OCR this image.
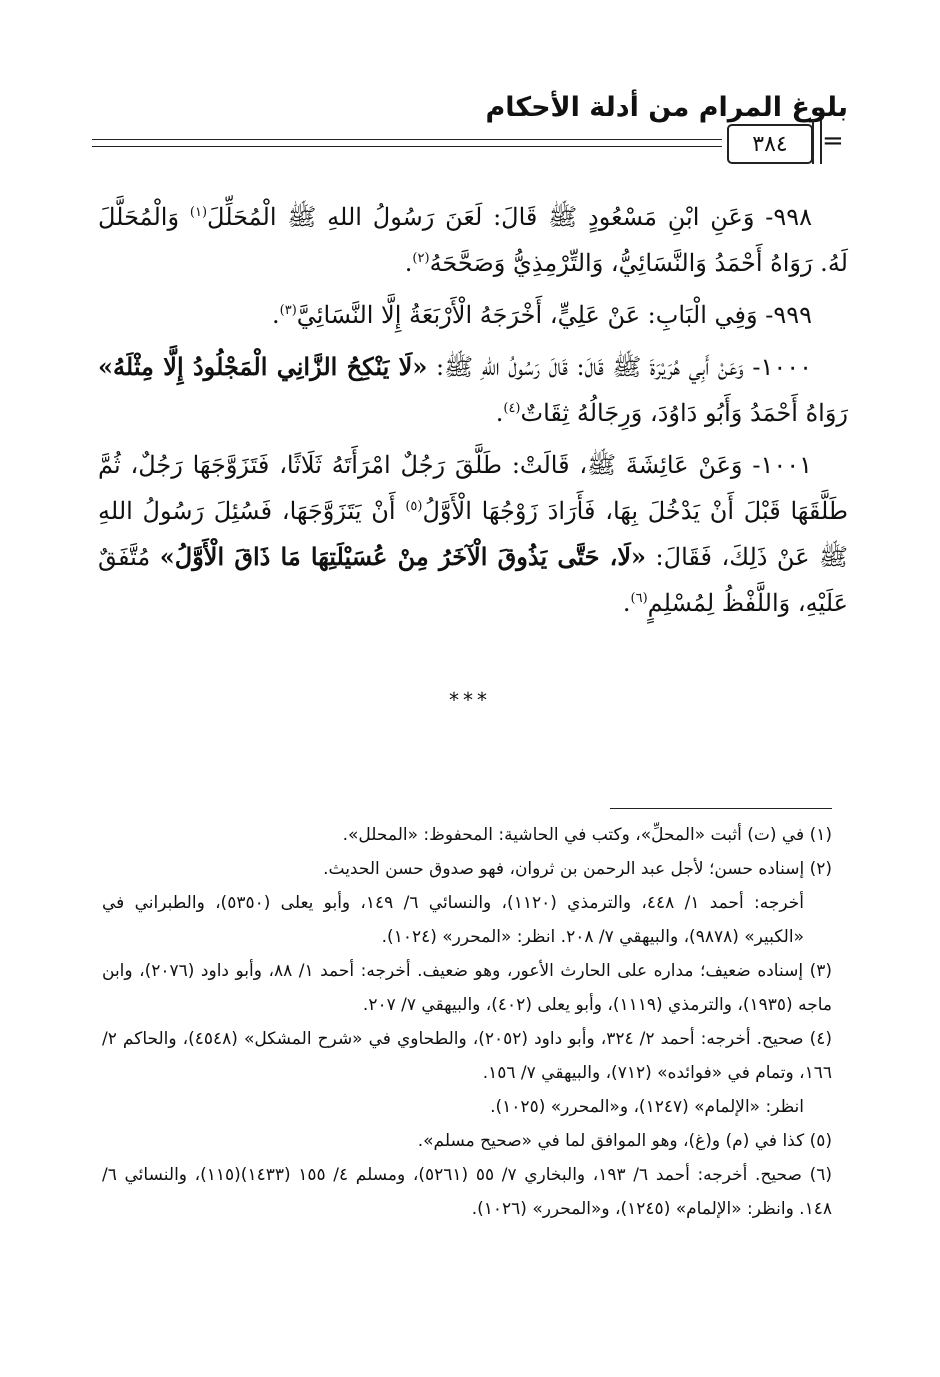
بلوغ المرام من أدلة الأحكام
=
٣٨٤

٩٩٨- وَعَنِ ابْنِ مَسْعُودٍ ﷺ قَالَ: لَعَنَ رَسُولُ اللهِ ﷺ الْمُحَلِّلَ$^{(١)}$ وَالْمُحَلَّلَ لَهُ. رَوَاهُ أَحْمَدُ وَالنَّسَائِيُّ، وَالتِّرْمِذِيُّ وَصَحَّحَهُ$^{(٢)}$.

٩٩٩- وَفِي الْبَابِ: عَنْ عَلِيٍّ، أَخْرَجَهُ الْأَرْبَعَةُ إِلَّا النَّسَائِيَّ$^{(٣)}$.

١٠٠٠- وَعَنْ أَبِي هُرَيْرَةَ ﷺ قَالَ: قَالَ رَسُولُ اللهِ ﷺ: «لَا يَنْكِحُ الزَّانِي الْمَجْلُودُ إِلَّا مِثْلَهُ» رَوَاهُ أَحْمَدُ وَأَبُو دَاوُدَ، وَرِجَالُهُ ثِقَاتٌ$^{(٤)}$.

١٠٠١- وَعَنْ عَائِشَةَ ﷺ، قَالَتْ: طَلَّقَ رَجُلٌ امْرَأَتَهُ ثَلَاثًا، فَتَزَوَّجَهَا رَجُلٌ، ثُمَّ طَلَّقَهَا قَبْلَ أَنْ يَدْخُلَ بِهَا، فَأَرَادَ زَوْجُهَا الْأَوَّلُ$^{(٥)}$ أَنْ يَتَزَوَّجَهَا، فَسُئِلَ رَسُولُ اللهِ ﷺ عَنْ ذَلِكَ، فَقَالَ: «لَا، حَتَّى يَذُوقَ الْآخَرُ مِنْ عُسَيْلَتِهَا مَا ذَاقَ الْأَوَّلُ» مُتَّفَقٌ عَلَيْهِ، وَاللَّفْظُ لِمُسْلِمٍ$^{(٦)}$.

***

(١) في (ت) أثبت «المحلِّ»، وكتب في الحاشية: المحفوظ: «المحلل».

(٢) إسناده حسن؛ لأجل عبد الرحمن بن ثروان، فهو صدوق حسن الحديث.

أخرجه: أحمد ١/ ٤٤٨، والترمذي (١١٢٠)، والنسائي ٦/ ١٤٩، وأبو يعلى (٥٣٥٠)، والطبراني في «الكبير» (٩٨٧٨)، والبيهقي ٧/ ٢٠٨. انظر: «المحرر» (١٠٢٤).

(٣) إسناده ضعيف؛ مداره على الحارث الأعور، وهو ضعيف. أخرجه: أحمد ١/ ٨٨، وأبو داود (٢٠٧٦)، وابن ماجه (١٩٣٥)، والترمذي (١١١٩)، وأبو يعلى (٤٠٢)، والبيهقي ٧/ ٢٠٧.

(٤) صحيح. أخرجه: أحمد ٢/ ٣٢٤، وأبو داود (٢٠٥٢)، والطحاوي في «شرح المشكل» (٤٥٤٨)، والحاكم ٢/ ١٦٦، وتمام في «فوائده» (٧١٢)، والبيهقي ٧/ ١٥٦.

انظر: «الإلمام» (١٢٤٧)، و«المحرر» (١٠٢٥).

(٥) كذا في (م) و(غ)، وهو الموافق لما في «صحيح مسلم».

(٦) صحيح. أخرجه: أحمد ٦/ ١٩٣، والبخاري ٧/ ٥٥ (٥٢٦١)، ومسلم ٤/ ١٥٥ (١٤٣٣)(١١٥)، والنسائي ٦/ ١٤٨. وانظر: «الإلمام» (١٢٤٥)، و«المحرر» (١٠٢٦).
